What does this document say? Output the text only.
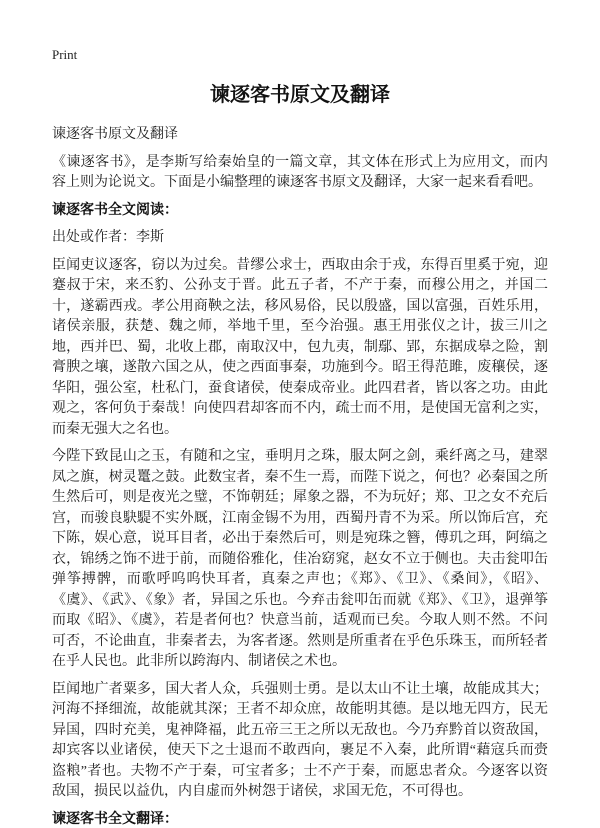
Print
谏逐客书原文及翻译

谏逐客书原文及翻译

《谏逐客书》，是李斯写给秦始皇的一篇文章，其文体在形式上为应用文，而内容上则为论说文。下面是小编整理的谏逐客书原文及翻译，大家一起来看看吧。

谏逐客书全文阅读：

出处或作者：李斯

臣闻吏议逐客，窃以为过矣。昔缪公求士，西取由余于戎，东得百里奚于宛，迎蹇叔于宋，来丕豹、公孙支于晋。此五子者，不产于秦，而穆公用之，并国二十，遂霸西戎。孝公用商鞅之法，移风易俗，民以殷盛，国以富强，百姓乐用，诸侯亲服，获楚、魏之师，举地千里，至今治强。惠王用张仪之计，拔三川之地，西并巴、蜀，北收上郡，南取汉中，包九夷，制鄢、郢，东据成皋之险，割膏腴之壤，遂散六国之从，使之西面事秦，功施到今。昭王得范雎，废穰侯，逐华阳，强公室，杜私门，蚕食诸侯，使秦成帝业。此四君者，皆以客之功。由此观之，客何负于秦哉！向使四君却客而不内，疏士而不用，是使国无富利之实，而秦无强大之名也。

今陛下致昆山之玉，有随和之宝，垂明月之珠，服太阿之剑，乘纤离之马，建翠凤之旗，树灵鼍之鼓。此数宝者，秦不生一焉，而陛下说之，何也？必秦国之所生然后可，则是夜光之璧，不饰朝廷；犀象之器，不为玩好；郑、卫之女不充后宫，而骏良駃騠不实外厩，江南金锡不为用，西蜀丹青不为采。所以饰后宫，充下陈，娱心意，说耳目者，必出于秦然后可，则是宛珠之簪，傅玑之珥，阿缟之衣，锦绣之饰不进于前，而随俗雅化，佳冶窈窕，赵女不立于侧也。夫击瓮叩缶弹筝搏髀，而歌呼呜呜快耳者，真秦之声也；《郑》、《卫》、《桑间》，《昭》、《虞》、《武》、《象》者，异国之乐也。今弃击瓮叩缶而就《郑》、《卫》，退弹筝而取《昭》、《虞》，若是者何也？快意当前，适观而已矣。今取人则不然。不问可否，不论曲直，非秦者去，为客者逐。然则是所重者在乎色乐珠玉，而所轻者在乎人民也。此非所以跨海内、制诸侯之术也。

臣闻地广者粟多，国大者人众，兵强则士勇。是以太山不让土壤，故能成其大；河海不择细流，故能就其深；王者不却众庶，故能明其德。是以地无四方，民无异国，四时充美，鬼神降福，此五帝三王之所以无敌也。今乃弃黔首以资敌国，却宾客以业诸侯，使天下之士退而不敢西向，裹足不入秦，此所谓“藉寇兵而赍盗粮”者也。夫物不产于秦，可宝者多；士不产于秦，而愿忠者众。今逐客以资敌国，损民以益仇，内自虚而外树怨于诸侯，求国无危，不可得也。

谏逐客书全文翻译：
